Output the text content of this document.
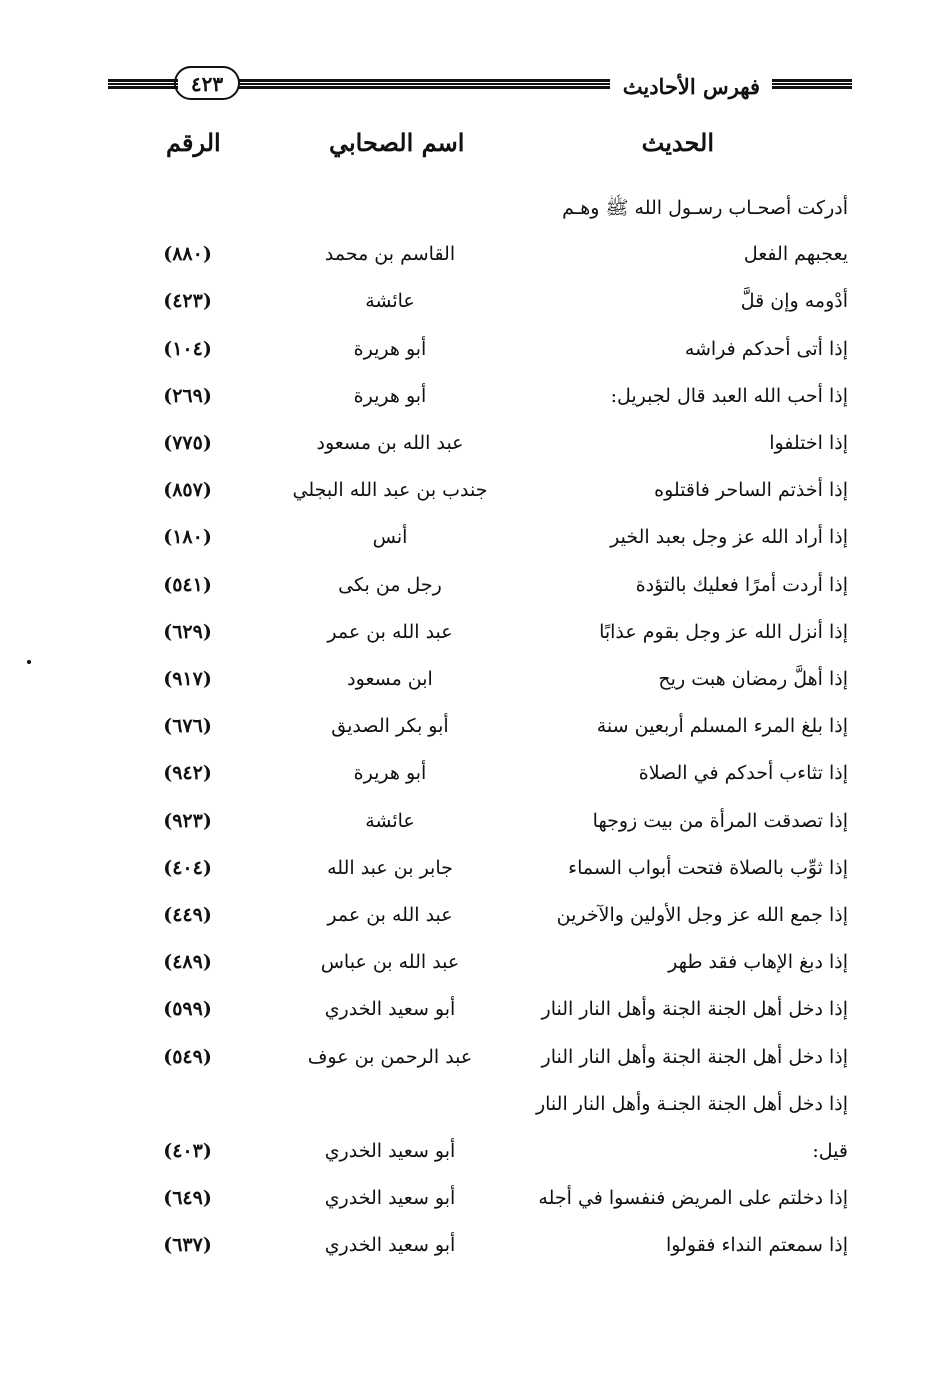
فهرس الأحاديث
٤٢٣
الحديث
اسم الصحابي
الرقم
أدركت أصحـاب رسـول الله ﷺ وهـم
يعجبهم الفعل
القاسم بن محمد
(٨٨٠)
أدْومه وإن قلَّ
عائشة
(٤٢٣)
إذا أتى أحدكم فراشه
أبو هريرة
(١٠٤)
إذا أحب الله العبد قال لجبريل:
أبو هريرة
(٢٦٩)
إذا اختلفوا
عبد الله بن مسعود
(٧٧٥)
إذا أخذتم الساحر فاقتلوه
جندب بن عبد الله البجلي
(٨٥٧)
إذا أراد الله عز وجل بعبد الخير
أنس
(١٨٠)
إذا أردت أمرًا فعليك بالتؤدة
رجل من بكى
(٥٤١)
إذا أنزل الله عز وجل بقوم عذابًا
عبد الله بن عمر
(٦٢٩)
إذا أهلَّ رمضان هبت ريح
ابن مسعود
(٩١٧)
إذا بلغ المرء المسلم أربعين سنة
أبو بكر الصديق
(٦٧٦)
إذا تثاءب أحدكم في الصلاة
أبو هريرة
(٩٤٢)
إذا تصدقت المرأة من بيت زوجها
عائشة
(٩٢٣)
إذا ثوِّب بالصلاة فتحت أبواب السماء
جابر بن عبد الله
(٤٠٤)
إذا جمع الله عز وجل الأولين والآخرين
عبد الله بن عمر
(٤٤٩)
إذا دبغ الإهاب فقد طهر
عبد الله بن عباس
(٤٨٩)
إذا دخل أهل الجنة الجنة وأهل النار النار
أبو سعيد الخدري
(٥٩٩)
إذا دخل أهل الجنة الجنة وأهل النار النار
عبد الرحمن بن عوف
(٥٤٩)
إذا دخل أهل الجنة الجنـة وأهل النار النار
قيل:
أبو سعيد الخدري
(٤٠٣)
إذا دخلتم على المريض فنفسوا في أجله
أبو سعيد الخدري
(٦٤٩)
إذا سمعتم النداء فقولوا
أبو سعيد الخدري
(٦٣٧)
